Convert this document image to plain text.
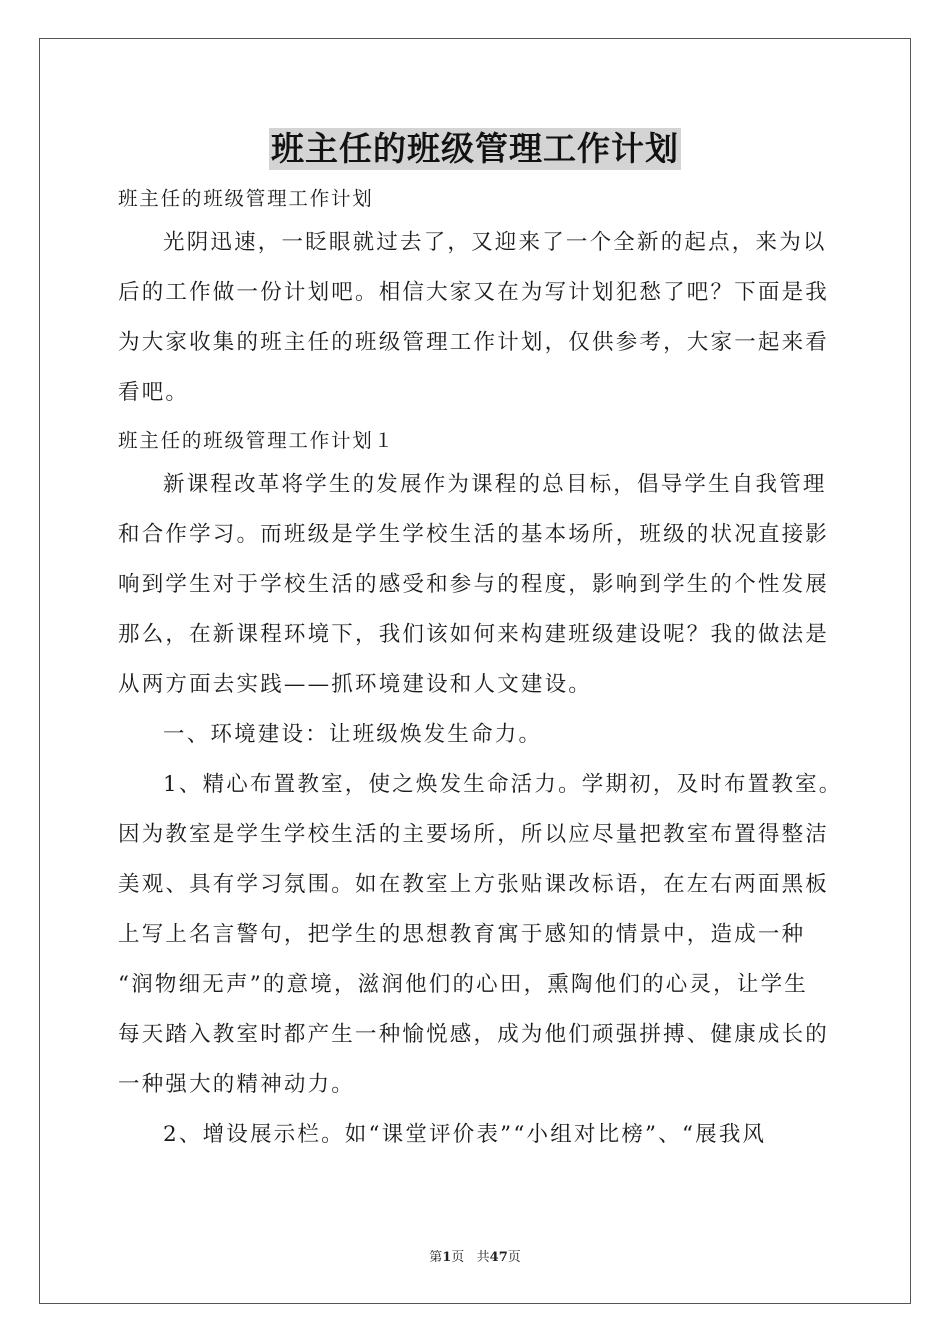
班主任的班级管理工作计划
班主任的班级管理工作计划
光阴迅速，一眨眼就过去了，又迎来了一个全新的起点，来为以
后的工作做一份计划吧。相信大家又在为写计划犯愁了吧？下面是我
为大家收集的班主任的班级管理工作计划，仅供参考，大家一起来看
看吧。
班主任的班级管理工作计划１
新课程改革将学生的发展作为课程的总目标，倡导学生自我管理
和合作学习。而班级是学生学校生活的基本场所，班级的状况直接影
响到学生对于学校生活的感受和参与的程度，影响到学生的个性发展
那么，在新课程环境下，我们该如何来构建班级建设呢？我的做法是
从两方面去实践——抓环境建设和人文建设。
一、环境建设：让班级焕发生命力。
1、精心布置教室，使之焕发生命活力。学期初，及时布置教室。
因为教室是学生学校生活的主要场所，所以应尽量把教室布置得整洁
美观、具有学习氛围。如在教室上方张贴课改标语，在左右两面黑板
上写上名言警句，把学生的思想教育寓于感知的情景中，造成一种
“润物细无声”的意境，滋润他们的心田，熏陶他们的心灵，让学生
每天踏入教室时都产生一种愉悦感，成为他们顽强拼搏、健康成长的
一种强大的精神动力。
2、增设展示栏。如“课堂评价表”“小组对比榜”、“展我风
第1页   共47页
